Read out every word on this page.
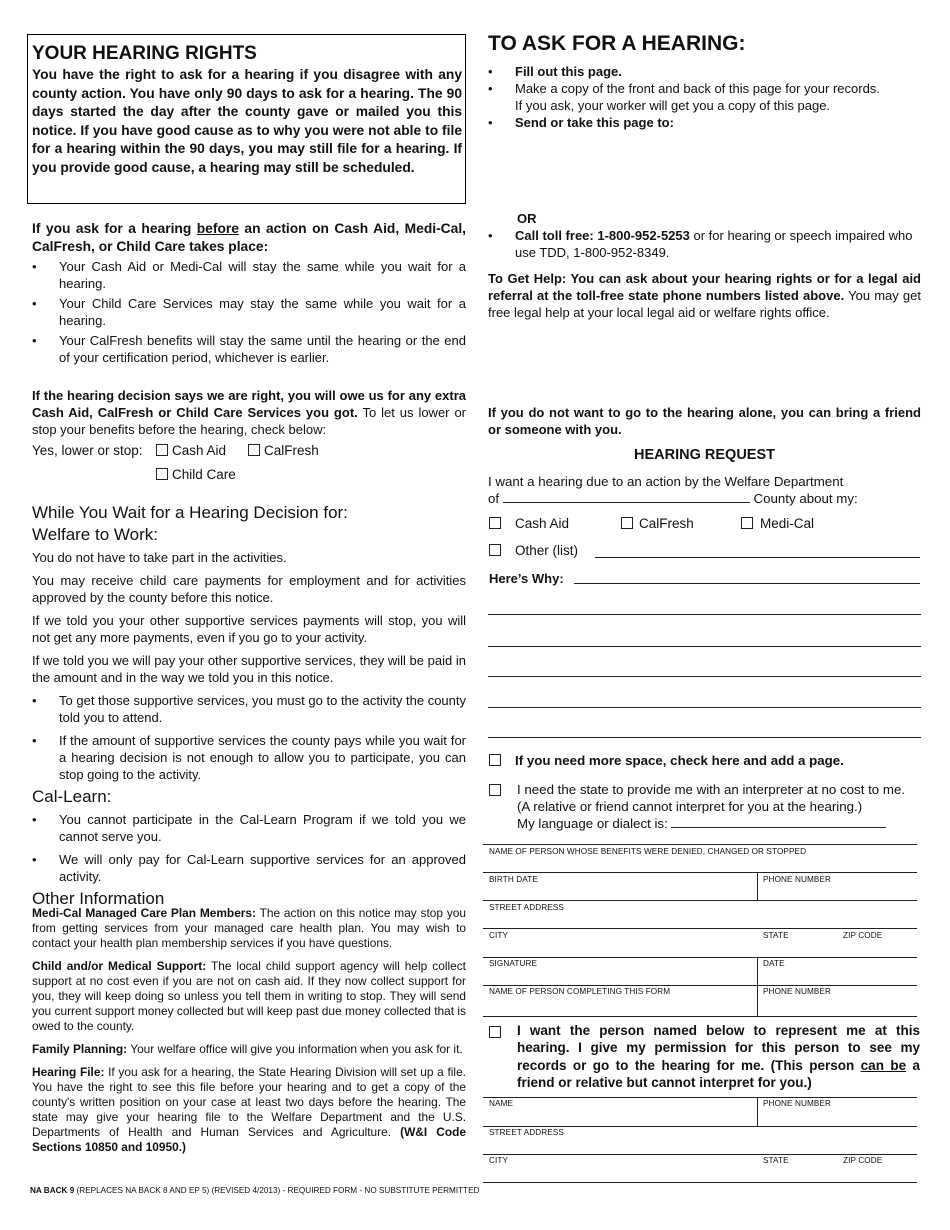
YOUR HEARING RIGHTS

You have the right to ask for a hearing if you disagree with any county action. You have only 90 days to ask for a hearing. The 90 days started the day after the county gave or mailed you this notice. If you have good cause as to why you were not able to file for a hearing within the 90 days, you may still file for a hearing. If you provide good cause, a hearing may still be scheduled.

If you ask for a hearing before an action on Cash Aid, Medi-Cal, CalFresh, or Child Care takes place:

•	Your Cash Aid or Medi-Cal will stay the same while you wait for a hearing.
•	Your Child Care Services may stay the same while you wait for a hearing.
•	Your CalFresh benefits will stay the same until the hearing or the end of your certification period, whichever is earlier.
If the hearing decision says we are right, you will owe us for any extra Cash Aid, CalFresh or Child Care Services you got. To let us lower or stop your benefits before the hearing, check below:
Yes, lower or stop:	Cash Aid	CalFresh
Child Care

While You Wait for a Hearing Decision for:

Welfare to Work:

You do not have to take part in the activities.

You may receive child care payments for employment and for activities approved by the county before this notice.

If we told you your other supportive services payments will stop, you will not get any more payments, even if you go to your activity.

If we told you we will pay your other supportive services, they will be paid in the amount and in the way we told you in this notice.

•	To get those supportive services, you must go to the activity the county told you to attend.
•	If the amount of supportive services the county pays while you wait for a hearing decision is not enough to allow you to participate, you can stop going to the activity.

Cal-Learn:

•	You cannot participate in the Cal-Learn Program if we told you we cannot serve you.
•	We will only pay for Cal-Learn supportive services for an approved activity.

Other Information

Medi-Cal Managed Care Plan Members: The action on this notice may stop you from getting services from your managed care health plan. You may wish to contact your health plan membership services if you have questions.

Child and/or Medical Support: The local child support agency will help collect support at no cost even if you are not on cash aid. If they now collect support for you, they will keep doing so unless you tell them in writing to stop. They will send you current support money collected but will keep past due money collected that is owed to the county.

Family Planning: Your welfare office will give you information when you ask for it.

Hearing File: If you ask for a hearing, the State Hearing Division will set up a file. You have the right to see this file before your hearing and to get a copy of the county's written position on your case at least two days before the hearing. The state may give your hearing file to the Welfare Department and the U.S. Departments of Health and Human Services and Agriculture. (W&I Code Sections 10850 and 10950.)

NA BACK 9 (REPLACES NA BACK 8 AND EP 5) (REVISED 4/2013) - REQUIRED FORM - NO SUBSTITUTE PERMITTED
TO ASK FOR A HEARING:
•	Fill out this page.
•	Make a copy of the front and back of this page for your records.
If you ask, your worker will get you a copy of this page.
•	Send or take this page to:
OR
•	Call toll free: 1-800-952-5253 or for hearing or speech impaired who use TDD, 1-800-952-8349.
To Get Help: You can ask about your hearing rights or for a legal aid referral at the toll-free state phone numbers listed above. You may get free legal help at your local legal aid or welfare rights office.
If you do not want to go to the hearing alone, you can bring a friend or someone with you.
HEARING REQUEST

I want a hearing due to an action by the Welfare Department

of	County about my:

Cash Aid	CalFresh	Medi-Cal
Other (list)
Here’s Why:
If you need more space, check here and add a page.

I need the state to provide me with an interpreter at no cost to me.

(A relative or friend cannot interpret for you at the hearing.)

My language or dialect is:

NAME OF PERSON WHOSE BENEFITS WERE DENIED, CHANGED OR STOPPED
BIRTH DATE	PHONE NUMBER
STREET ADDRESS
CITY	STATE	ZIP CODE
SIGNATURE	DATE
NAME OF PERSON COMPLETING THIS FORM	PHONE NUMBER
I want the person named below to represent me at this hearing. I give my permission for this person to see my records or go to the hearing for me. (This person can be a friend or relative but cannot interpret for you.)
NAME	PHONE NUMBER
STREET ADDRESS
CITY	STATE	ZIP CODE
